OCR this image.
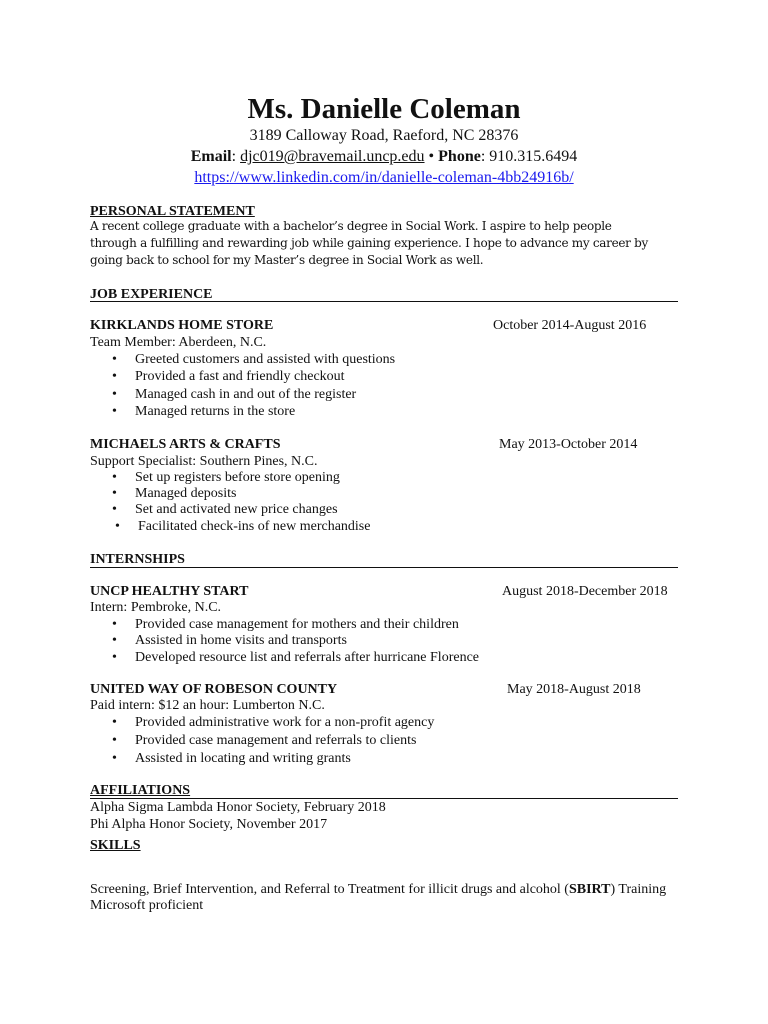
Ms. Danielle Coleman
3189 Calloway Road, Raeford, NC 28376
Email: djc019@bravemail.uncp.edu • Phone: 910.315.6494
https://www.linkedin.com/in/danielle-coleman-4bb24916b/
PERSONAL STATEMENT
A recent college graduate with a bachelor’s degree in Social Work. I aspire to help people through a fulfilling and rewarding job while gaining experience. I hope to advance my career by going back to school for my Master’s degree in Social Work as well.
JOB EXPERIENCE
KIRKLANDS HOME STORE	October 2014-August 2016
Team Member: Aberdeen, N.C.
• Greeted customers and assisted with questions
• Provided a fast and friendly checkout
• Managed cash in and out of the register
• Managed returns in the store
MICHAELS ARTS & CRAFTS	May 2013-October 2014
Support Specialist: Southern Pines, N.C.
• Set up registers before store opening
• Managed deposits
• Set and activated new price changes
• Facilitated check-ins of new merchandise
INTERNSHIPS
UNCP HEALTHY START	August 2018-December 2018
Intern: Pembroke, N.C.
• Provided case management for mothers and their children
• Assisted in home visits and transports
• Developed resource list and referrals after hurricane Florence
UNITED WAY OF ROBESON COUNTY	May 2018-August 2018
Paid intern: $12 an hour: Lumberton N.C.
• Provided administrative work for a non-profit agency
• Provided case management and referrals to clients
• Assisted in locating and writing grants
AFFILIATIONS
Alpha Sigma Lambda Honor Society, February 2018
Phi Alpha Honor Society, November 2017
SKILLS
Screening, Brief Intervention, and Referral to Treatment for illicit drugs and alcohol (SBIRT) Training
Microsoft proficient
